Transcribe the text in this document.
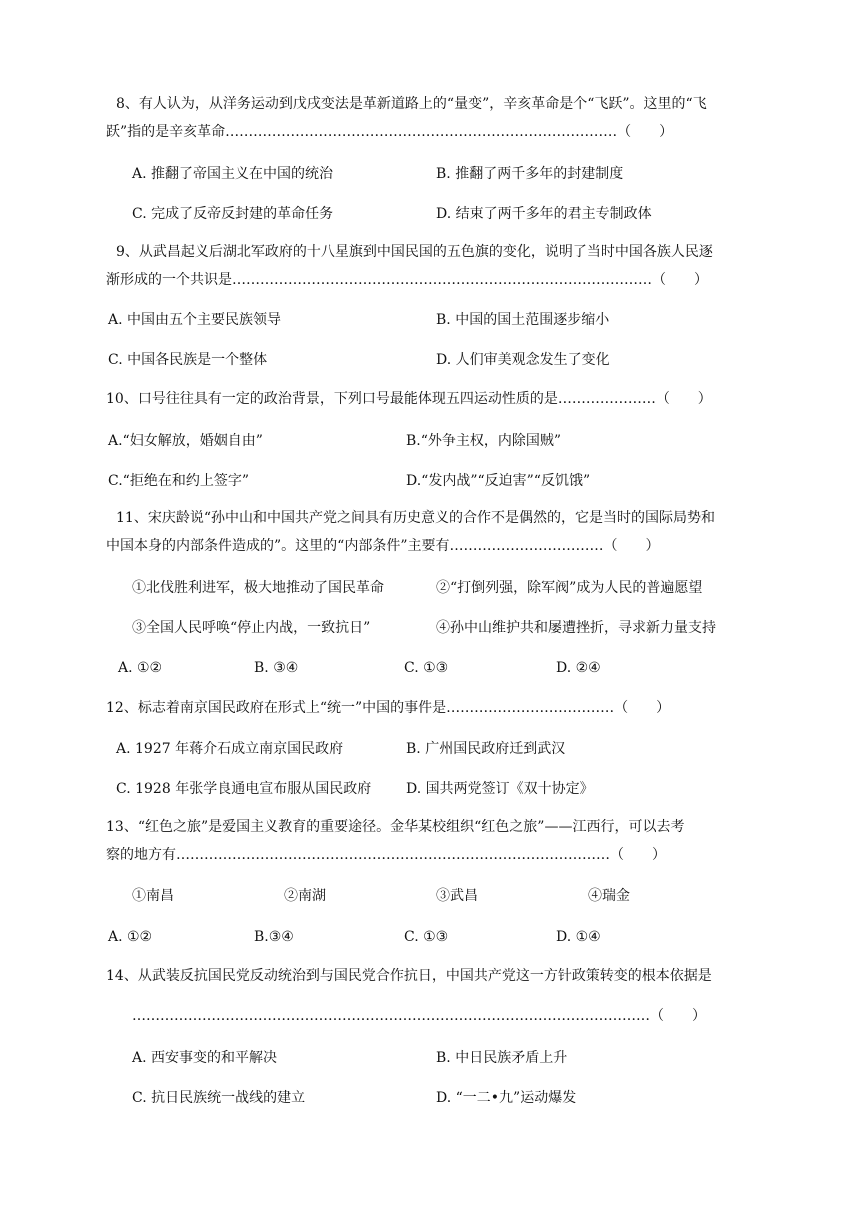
8、有人认为，从洋务运动到戊戌变法是革新道路上的“量变”，辛亥革命是个“飞跃”。这里的“飞
跃”指的是辛亥革命…………………………………………………………………………（　　）
A. 推翻了帝国主义在中国的统治	B. 推翻了两千多年的封建制度
C. 完成了反帝反封建的革命任务	D. 结束了两千多年的君主专制政体
9、从武昌起义后湖北军政府的十八星旗到中国民国的五色旗的变化，说明了当时中国各族人民逐
渐形成的一个共识是………………………………………………………………………………（　　）
A. 中国由五个主要民族领导	B. 中国的国土范围逐步缩小
C. 中国各民族是一个整体	D. 人们审美观念发生了变化
10、口号往往具有一定的政治背景，下列口号最能体现五四运动性质的是…………………（　　）
A.“妇女解放，婚姻自由”	B.“外争主权，内除国贼”
C.“拒绝在和约上签字”	D.“发内战”“反迫害”“反饥饿”
11、宋庆龄说“孙中山和中国共产党之间具有历史意义的合作不是偶然的，它是当时的国际局势和
中国本身的内部条件造成的”。这里的“内部条件”主要有……………………………（　　）
①北伐胜利进军，极大地推动了国民革命	②“打倒列强，除军阀”成为人民的普遍愿望
③全国人民呼唤“停止内战，一致抗日”	④孙中山维护共和屡遭挫折，寻求新力量支持
A. ①②	B. ③④	C. ①③	D. ②④
12、标志着南京国民政府在形式上“统一”中国的事件是………………………………（　　）
A. 1927 年蒋介石成立南京国民政府	B. 广州国民政府迁到武汉
C. 1928 年张学良通电宣布服从国民政府 D. 国共两党签订《双十协定》
13、“红色之旅”是爱国主义教育的重要途径。金华某校组织“红色之旅”——江西行，可以去考
察的地方有…………………………………………………………………………………（　　）
①南昌	②南湖	③武昌	④瑞金
A. ①②	B.③④	C. ①③	D. ①④
14、从武装反抗国民党反动统治到与国民党合作抗日，中国共产党这一方针政策转变的根本依据是
…………………………………………………………………………………………………（　　）
A. 西安事变的和平解决	B. 中日民族矛盾上升
C. 抗日民族统一战线的建立	D. “一二•九”运动爆发
